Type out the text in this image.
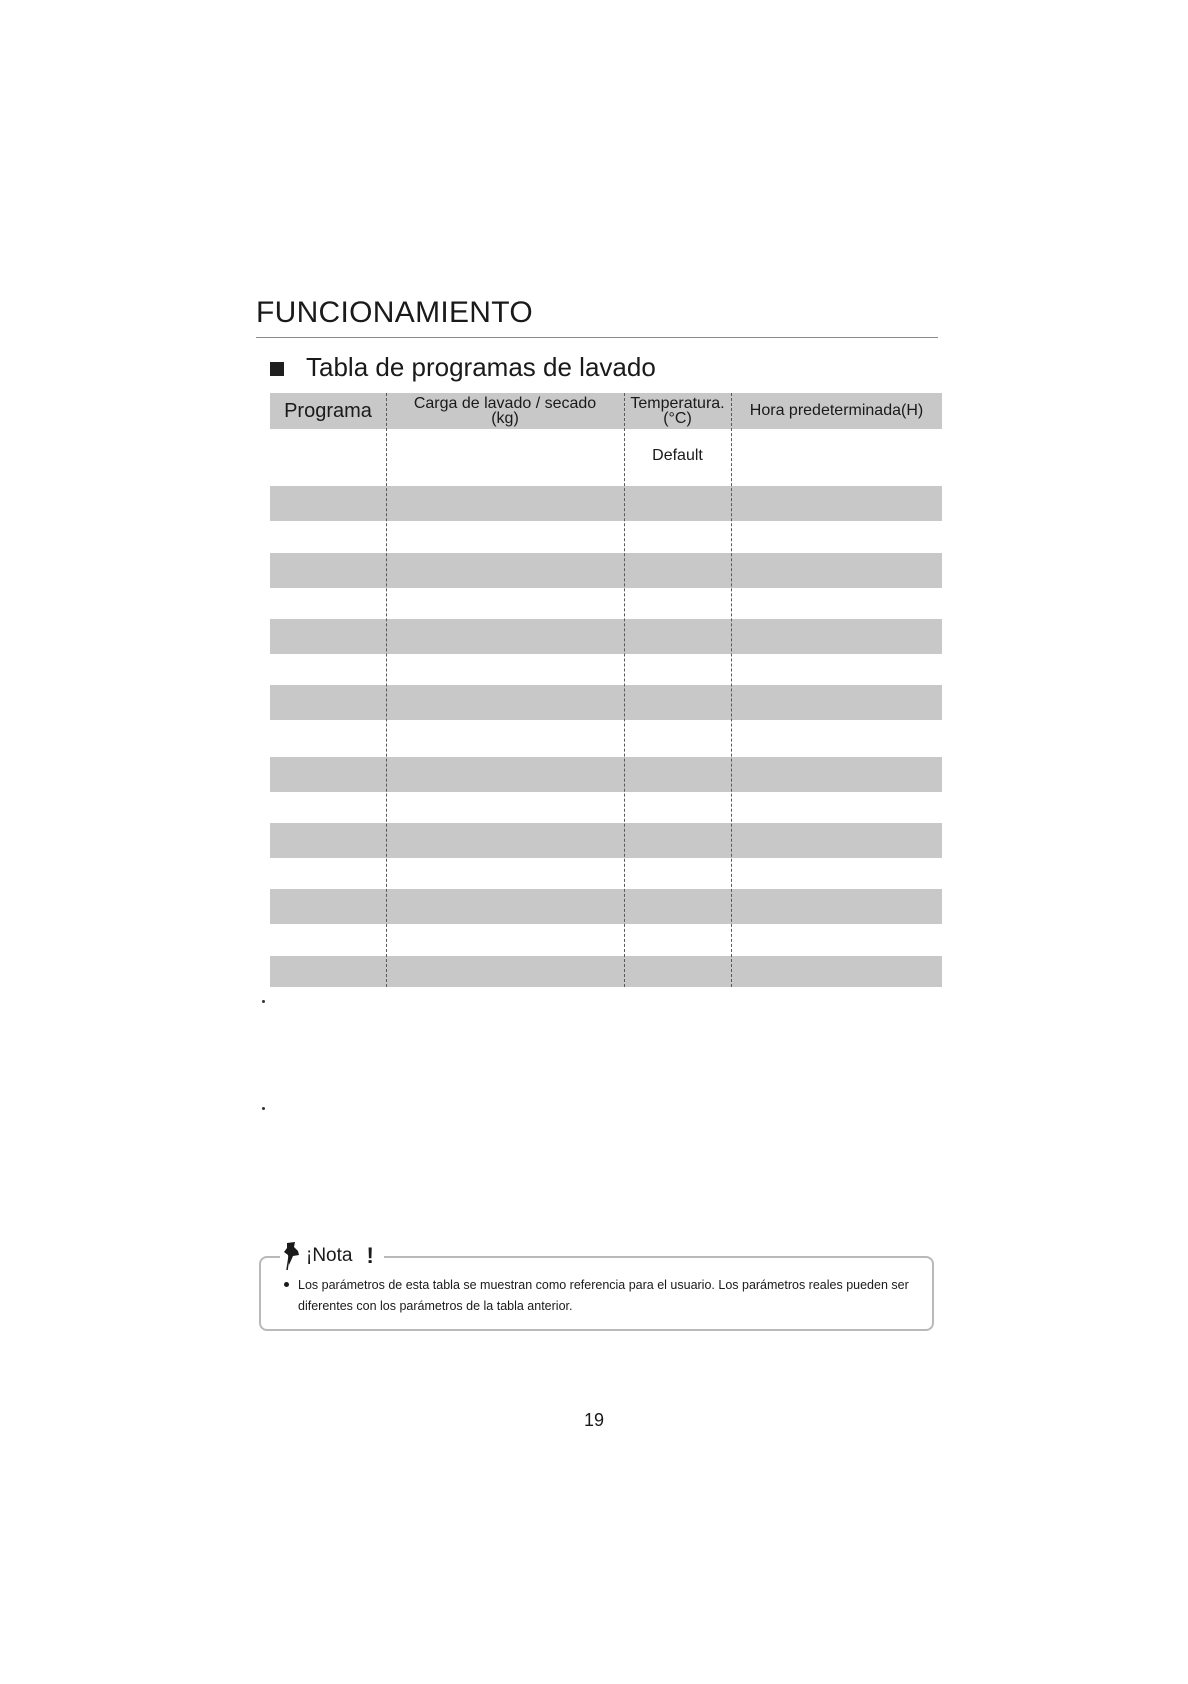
FUNCIONAMIENTO
Tabla de programas de lavado
Programa	Carga de lavado / secado
(kg)
Temperatura.
(°C)	Hora predeterminada(H)
Default
¡Nota !
Los parámetros de esta tabla se muestran como referencia para el usuario. Los parámetros reales pueden ser diferentes con los parámetros de la tabla anterior.
19
